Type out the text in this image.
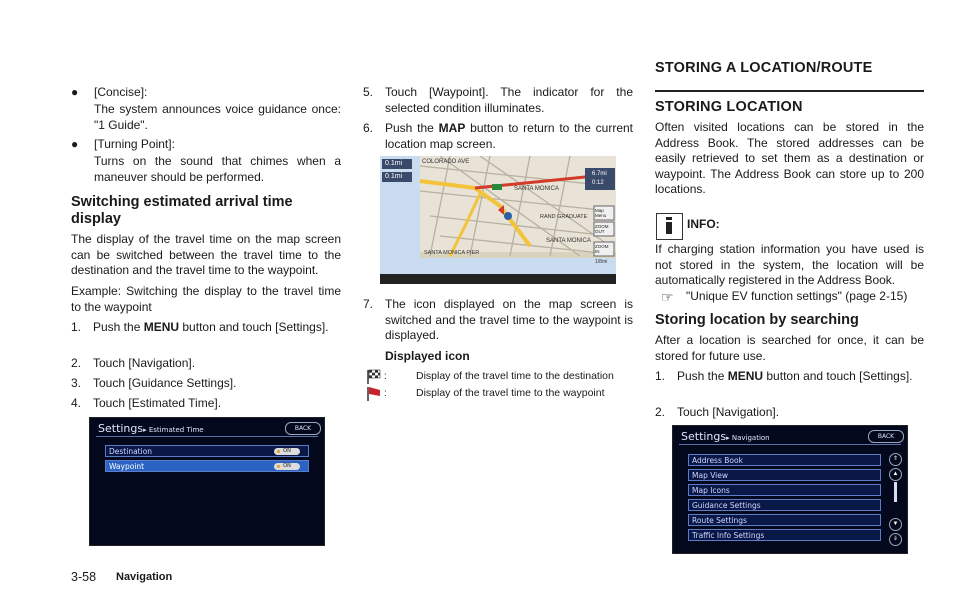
● [Concise]:

The system announces voice guidance once: "1 Guide".

● [Turning Point]:

Turns on the sound that chimes when a maneuver should be performed.

Switching estimated arrival time display

The display of the travel time on the map screen can be switched between the travel time to the destination and the travel time to the waypoint.

Example: Switching the display to the travel time to the waypoint

1. Push the MENU button and touch [Settings].

2. Touch [Navigation].

3. Touch [Guidance Settings].

4. Touch [Estimated Time].

Settings▸ Estimated Time	BACK
Destination	ON
Waypoint	ON
5. Touch [Waypoint]. The indicator for the selected condition illuminates.

6. Push the MAP button to return to the current location map screen.

0.1mi
0.1mi
COLORADO AVE
SANTA MONICA
RAND GRADUATE
SANTA MONICA
SANTA MONICA PIER
6.7mi
0:12
Map Menu
ZOOM OUT
ZOOM IN
1/8mi
7. The icon displayed on the map screen is switched and the travel time to the waypoint is displayed.

Displayed icon

:	Display of the travel time to the destination

:	Display of the travel time to the waypoint

STORING A LOCATION/ROUTE
STORING LOCATION

Often visited locations can be stored in the Address Book. The stored addresses can be easily retrieved to set them as a destination or waypoint. The Address Book can store up to 200 locations.

INFO:

If charging station information you have used is not stored in the system, the location will be automatically registered in the Address Book.

☞ "Unique EV function settings" (page 2-15)

Storing location by searching

After a location is searched for once, it can be stored for future use.

1. Push the MENU button and touch [Settings].

2. Touch [Navigation].

Settings▸ Navigation	BACK
Address Book
Map View
Map Icons
Guidance Settings
Route Settings
Traffic Info Settings
⇑
▲
▼
⇓
3-58 Navigation
